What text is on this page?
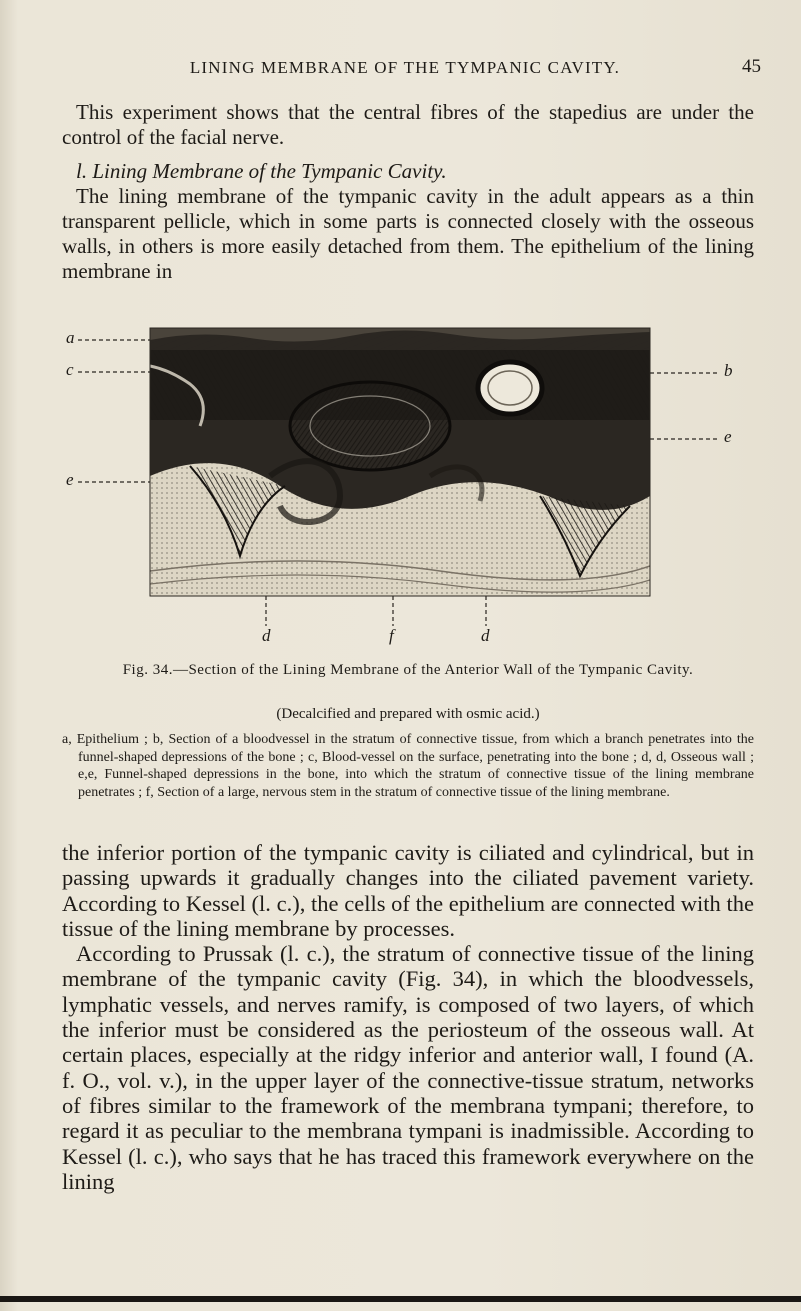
LINING MEMBRANE OF THE TYMPANIC CAVITY.	45

This experiment shows that the central fibres of the stapedius are under the control of the facial nerve.

l. Lining Membrane of the Tympanic Cavity.

The lining membrane of the tympanic cavity in the adult appears as a thin transparent pellicle, which in some parts is connected closely with the osseous walls, in others is more easily detached from them. The epithelium of the lining membrane in

a
c
e
b
e
d	f	d
Fig. 34.—Section of the Lining Membrane of the Anterior Wall of the Tympanic Cavity.
(Decalcified and prepared with osmic acid.)
a, Epithelium ; b, Section of a bloodvessel in the stratum of connective tissue, from which a branch penetrates into the funnel-shaped depressions of the bone ; c, Blood-vessel on the surface, penetrating into the bone ; d, d, Osseous wall ; e,e, Funnel-shaped depressions in the bone, into which the stratum of connective tissue of the lining membrane penetrates ; f, Section of a large, nervous stem in the stratum of connective tissue of the lining membrane.

the inferior portion of the tympanic cavity is ciliated and cylindrical, but in passing upwards it gradually changes into the ciliated pavement variety. According to Kessel (l. c.), the cells of the epithelium are connected with the tissue of the lining membrane by processes.

According to Prussak (l. c.), the stratum of connective tissue of the lining membrane of the tympanic cavity (Fig. 34), in which the bloodvessels, lymphatic vessels, and nerves ramify, is composed of two layers, of which the inferior must be considered as the periosteum of the osseous wall. At certain places, especially at the ridgy inferior and anterior wall, I found (A. f. O., vol. v.), in the upper layer of the connective-tissue stratum, networks of fibres similar to the framework of the membrana tympani; therefore, to regard it as peculiar to the membrana tympani is inadmissible. According to Kessel (l. c.), who says that he has traced this framework everywhere on the lining
